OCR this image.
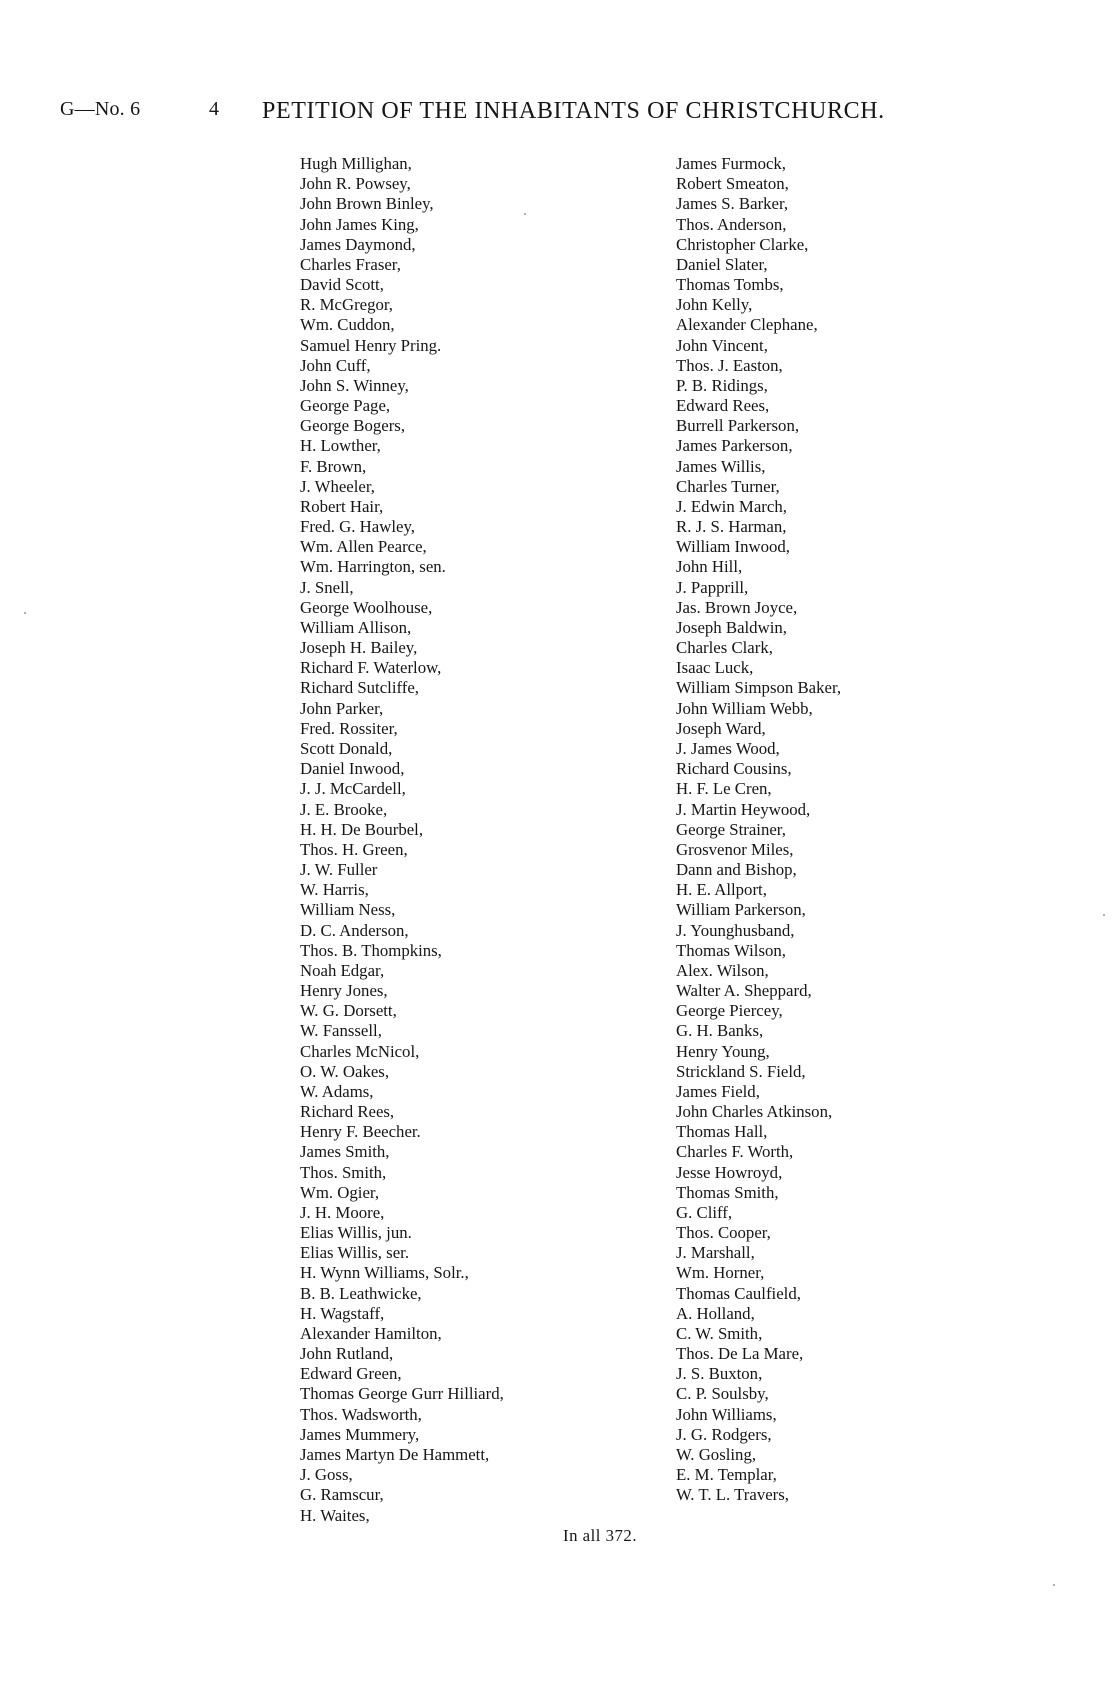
G—No. 6	4 PETITION OF THE INHABITANTS OF CHRISTCHURCH.
Hugh Millighan,
John R. Powsey,
John Brown Binley,
John James King,
James Daymond,
Charles Fraser,
David Scott,
R. McGregor,
Wm. Cuddon,
Samuel Henry Pring.
John Cuff,
John S. Winney,
George Page,
George Bogers,
H. Lowther,
F. Brown,
J. Wheeler,
Robert Hair,
Fred. G. Hawley,
Wm. Allen Pearce,
Wm. Harrington, sen.
J. Snell,
George Woolhouse,
William Allison,
Joseph H. Bailey,
Richard F. Waterlow,
Richard Sutcliffe,
John Parker,
Fred. Rossiter,
Scott Donald,
Daniel Inwood,
J. J. McCardell,
J. E. Brooke,
H. H. De Bourbel,
Thos. H. Green,
J. W. Fuller
W. Harris,
William Ness,
D. C. Anderson,
Thos. B. Thompkins,
Noah Edgar,
Henry Jones,
W. G. Dorsett,
W. Fanssell,
Charles McNicol,
O. W. Oakes,
W. Adams,
Richard Rees,
Henry F. Beecher.
James Smith,
Thos. Smith,
Wm. Ogier,
J. H. Moore,
Elias Willis, jun.
Elias Willis, ser.
H. Wynn Williams, Solr.,
B. B. Leathwicke,
H. Wagstaff,
Alexander Hamilton,
John Rutland,
Edward Green,
Thomas George Gurr Hilliard,
Thos. Wadsworth,
James Mummery,
James Martyn De Hammett,
J. Goss,
G. Ramscur,
H. Waites,
James Furmock,
Robert Smeaton,
James S. Barker,
Thos. Anderson,
Christopher Clarke,
Daniel Slater,
Thomas Tombs,
John Kelly,
Alexander Clephane,
John Vincent,
Thos. J. Easton,
P. B. Ridings,
Edward Rees,
Burrell Parkerson,
James Parkerson,
James Willis,
Charles Turner,
J. Edwin March,
R. J. S. Harman,
William Inwood,
John Hill,
J. Papprill,
Jas. Brown Joyce,
Joseph Baldwin,
Charles Clark,
Isaac Luck,
William Simpson Baker,
John William Webb,
Joseph Ward,
J. James Wood,
Richard Cousins,
H. F. Le Cren,
J. Martin Heywood,
George Strainer,
Grosvenor Miles,
Dann and Bishop,
H. E. Allport,
William Parkerson,
J. Younghusband,
Thomas Wilson,
Alex. Wilson,
Walter A. Sheppard,
George Piercey,
G. H. Banks,
Henry Young,
Strickland S. Field,
James Field,
John Charles Atkinson,
Thomas Hall,
Charles F. Worth,
Jesse Howroyd,
Thomas Smith,
G. Cliff,
Thos. Cooper,
J. Marshall,
Wm. Horner,
Thomas Caulfield,
A. Holland,
C. W. Smith,
Thos. De La Mare,
J. S. Buxton,
C. P. Soulsby,
John Williams,
J. G. Rodgers,
W. Gosling,
E. M. Templar,
W. T. L. Travers,
In all 372.
